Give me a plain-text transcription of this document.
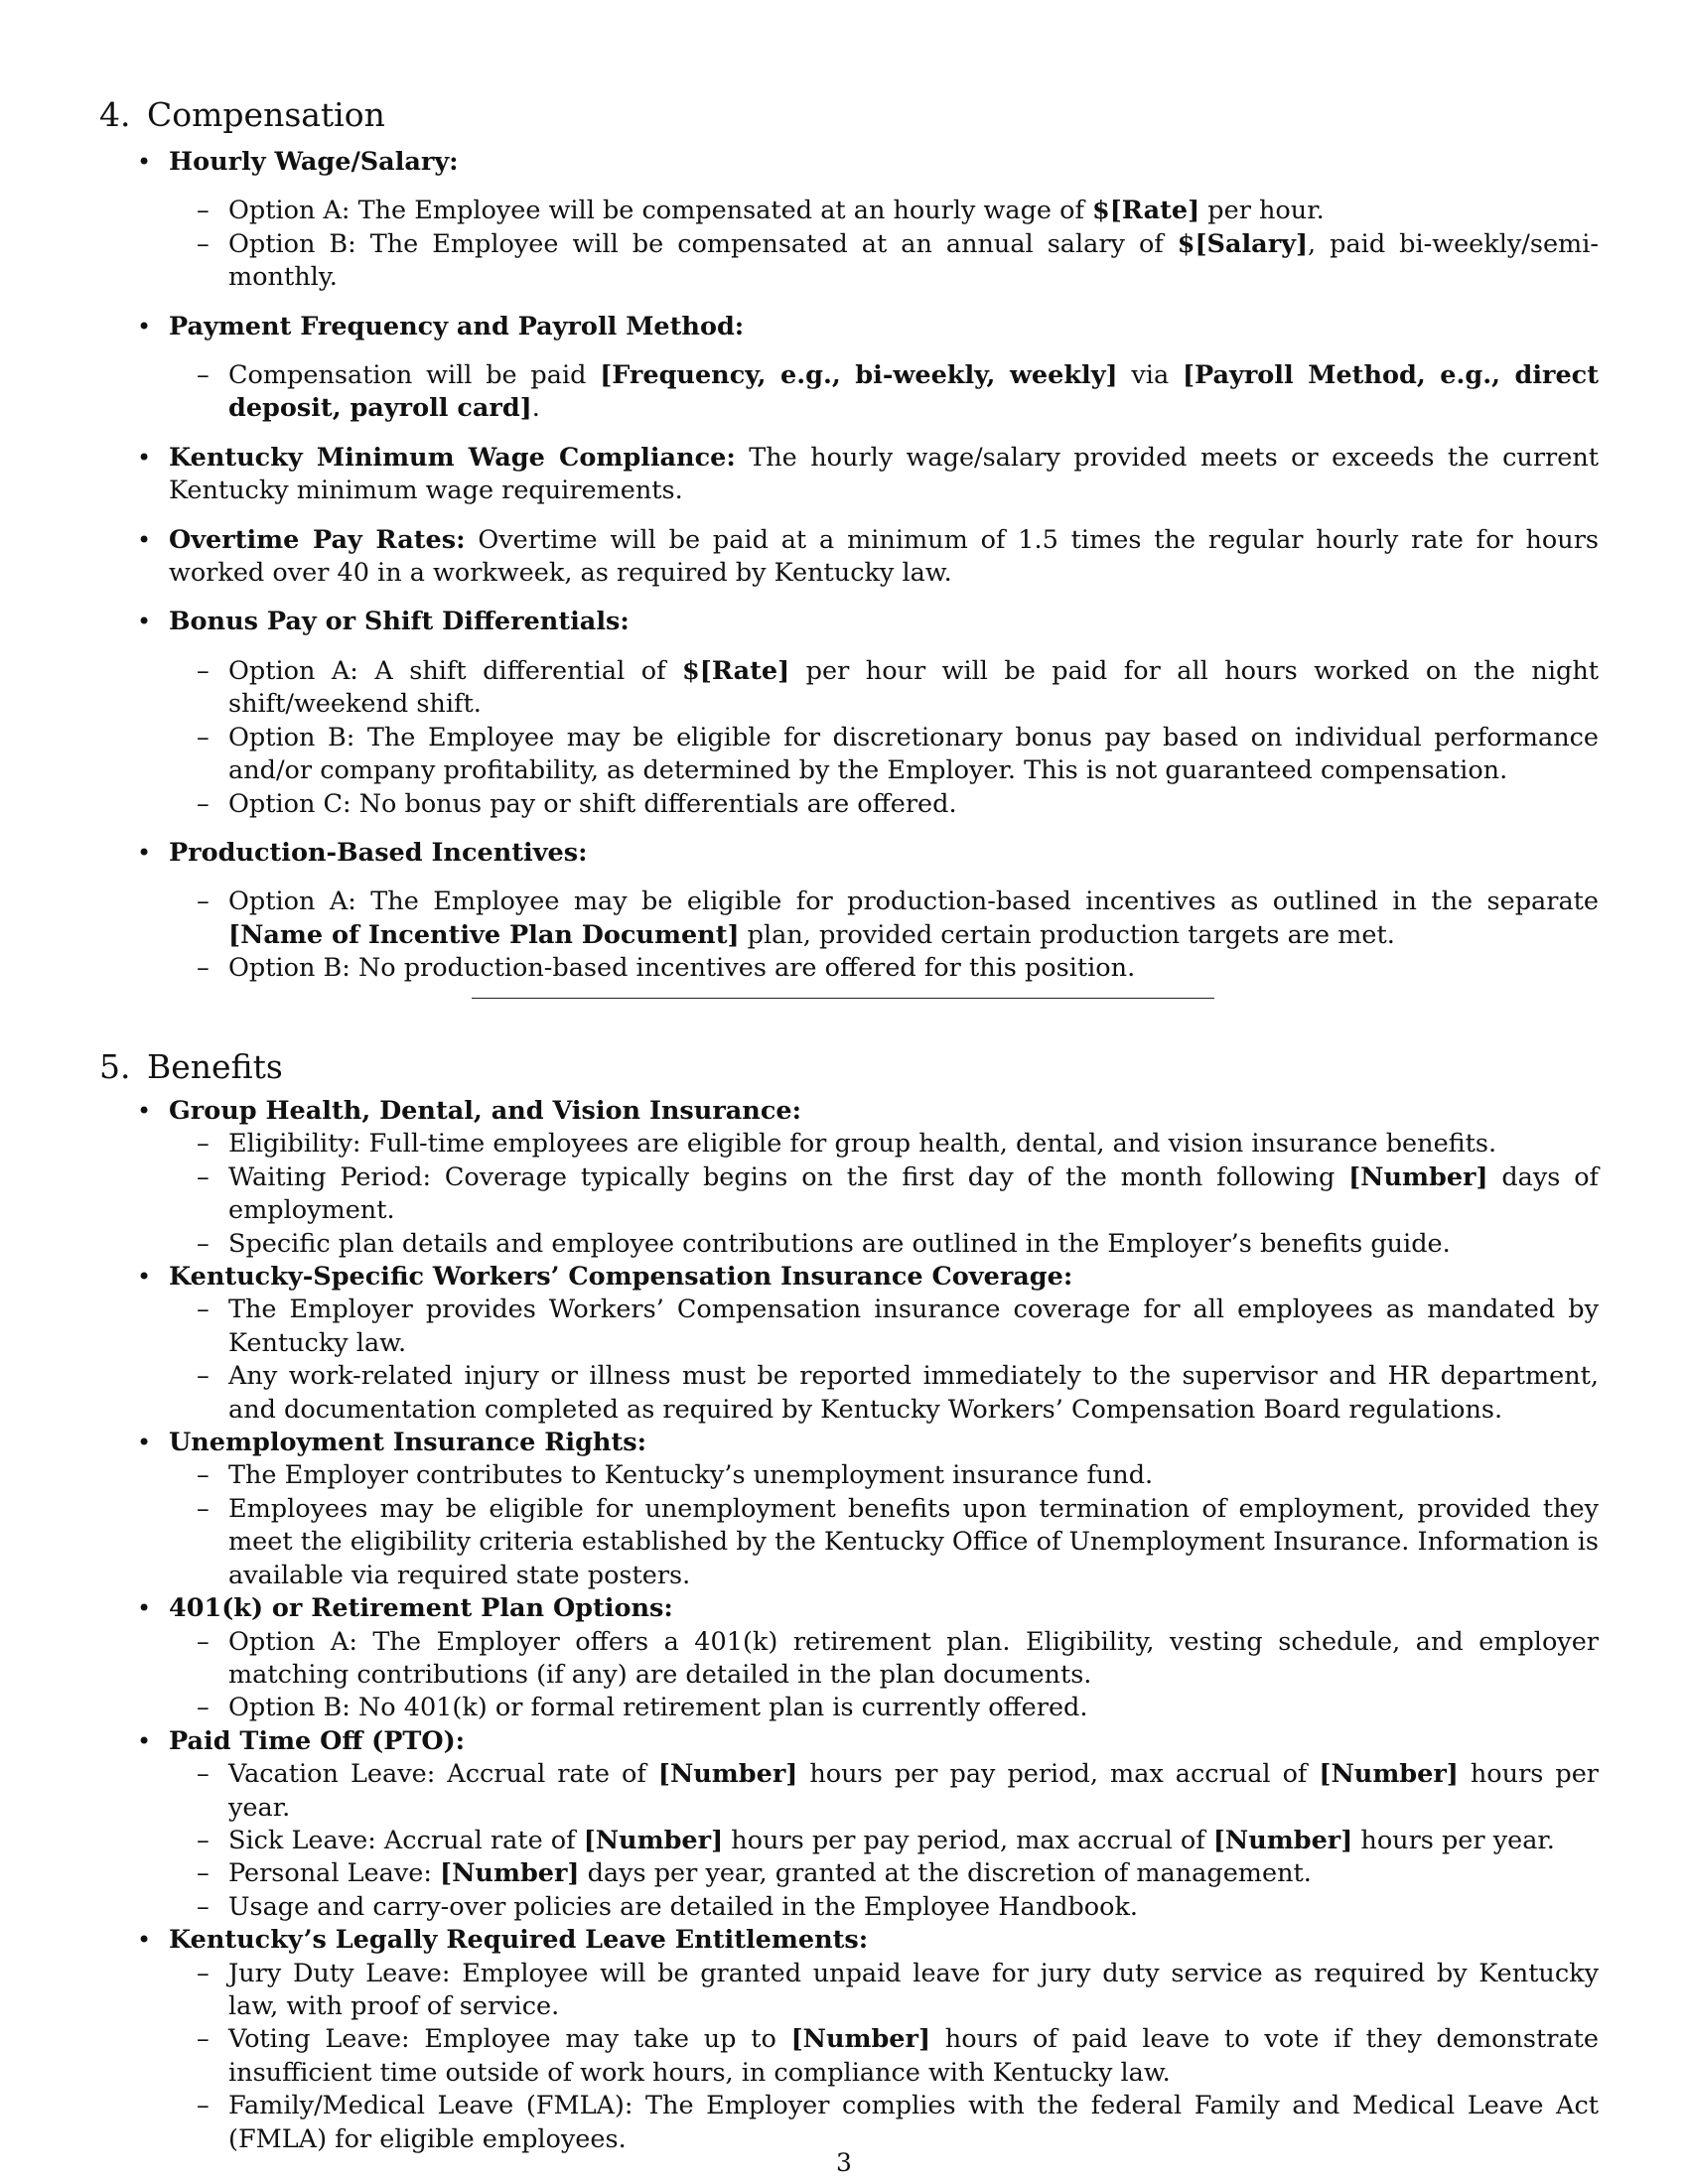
4. Compensation
• Hourly Wage/Salary:
– Option A: The Employee will be compensated at an hourly wage of $[Rate] per hour.
– Option B: The Employee will be compensated at an annual salary of $[Salary], paid bi-weekly/semi-monthly.
• Payment Frequency and Payroll Method:
– Compensation will be paid [Frequency, e.g., bi-weekly, weekly] via [Payroll Method, e.g., direct deposit, payroll card].
• Kentucky Minimum Wage Compliance: The hourly wage/salary provided meets or exceeds the current Kentucky minimum wage requirements.
• Overtime Pay Rates: Overtime will be paid at a minimum of 1.5 times the regular hourly rate for hours worked over 40 in a workweek, as required by Kentucky law.
• Bonus Pay or Shift Differentials:
– Option A: A shift differential of $[Rate] per hour will be paid for all hours worked on the night shift/weekend shift.
– Option B: The Employee may be eligible for discretionary bonus pay based on individual performance and/or company profitability, as determined by the Employer. This is not guaranteed compensation.
– Option C: No bonus pay or shift differentials are offered.
• Production-Based Incentives:
– Option A: The Employee may be eligible for production-based incentives as outlined in the separate [Name of Incentive Plan Document] plan, provided certain production targets are met.
– Option B: No production-based incentives are offered for this position.
5. Benefits
• Group Health, Dental, and Vision Insurance:
– Eligibility: Full-time employees are eligible for group health, dental, and vision insurance benefits.
– Waiting Period: Coverage typically begins on the first day of the month following [Number] days of employment.
– Specific plan details and employee contributions are outlined in the Employer’s benefits guide.
• Kentucky-Specific Workers’ Compensation Insurance Coverage:
– The Employer provides Workers’ Compensation insurance coverage for all employees as mandated by Kentucky law.
– Any work-related injury or illness must be reported immediately to the supervisor and HR department, and documentation completed as required by Kentucky Workers’ Compensation Board regulations.
• Unemployment Insurance Rights:
– The Employer contributes to Kentucky’s unemployment insurance fund.
– Employees may be eligible for unemployment benefits upon termination of employment, provided they meet the eligibility criteria established by the Kentucky Office of Unemployment Insurance. Information is available via required state posters.
• 401(k) or Retirement Plan Options:
– Option A: The Employer offers a 401(k) retirement plan. Eligibility, vesting schedule, and employer matching contributions (if any) are detailed in the plan documents.
– Option B: No 401(k) or formal retirement plan is currently offered.
• Paid Time Off (PTO):
– Vacation Leave: Accrual rate of [Number] hours per pay period, max accrual of [Number] hours per year.
– Sick Leave: Accrual rate of [Number] hours per pay period, max accrual of [Number] hours per year.
– Personal Leave: [Number] days per year, granted at the discretion of management.
– Usage and carry-over policies are detailed in the Employee Handbook.
• Kentucky’s Legally Required Leave Entitlements:
– Jury Duty Leave: Employee will be granted unpaid leave for jury duty service as required by Kentucky law, with proof of service.
– Voting Leave: Employee may take up to [Number] hours of paid leave to vote if they demonstrate insufficient time outside of work hours, in compliance with Kentucky law.
– Family/Medical Leave (FMLA): The Employer complies with the federal Family and Medical Leave Act (FMLA) for eligible employees.
3
